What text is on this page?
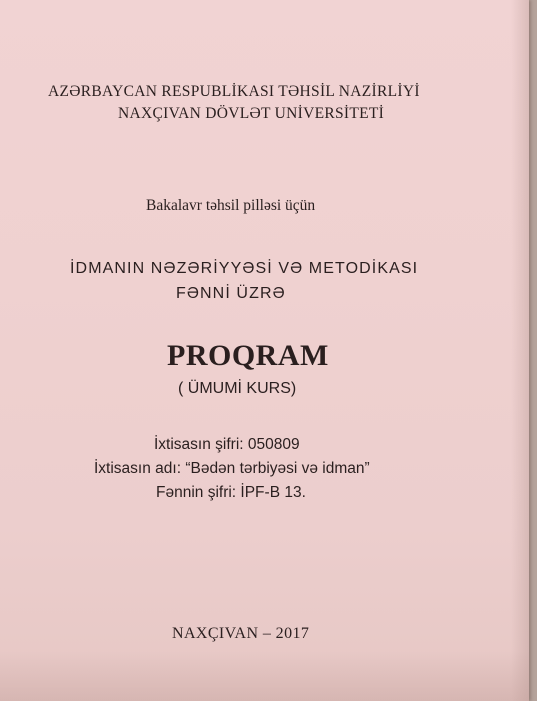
AZƏRBAYCAN RESPUBLİKASI TƏHSİL NAZİRLİYİ
NAXÇIVAN DÖVLƏT UNİVERSİTETİ
Bakalavr təhsil pilləsi üçün
İDMANIN NƏZƏRİYYƏSİ VƏ METODİKASI
FƏNNİ ÜZRƏ
PROQRAM
( ÜMUMİ KURS)
İxtisasın şifri: 050809
İxtisasın adı: “Bədən tərbiyəsi və idman”
Fənnin şifri: İPF-B 13.
NAXÇIVAN – 2017
